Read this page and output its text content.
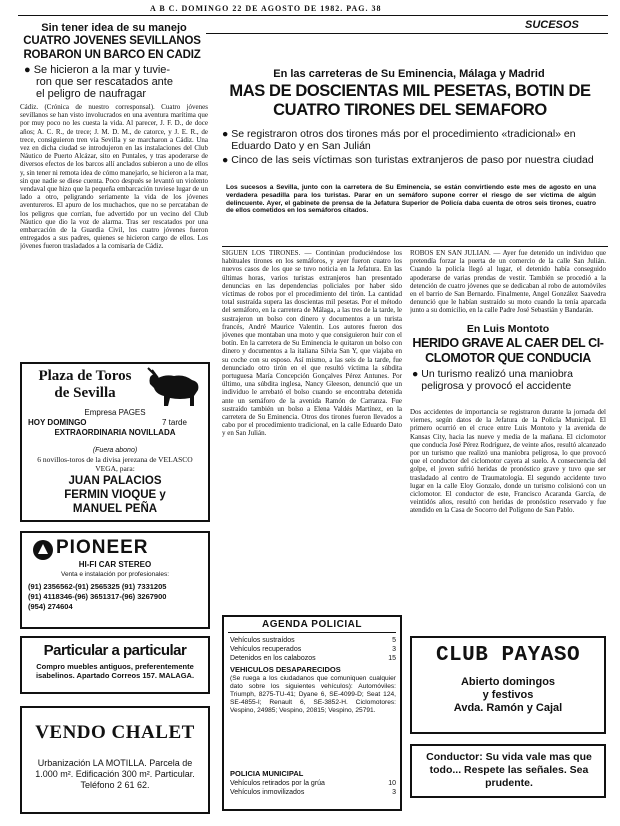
A B C. DOMINGO 22 DE AGOSTO DE 1982. PAG. 38
SUCESOS
Sin tener idea de su manejo
CUATRO JOVENES SEVILLANOS
ROBARON UN BARCO EN CADIZ
● Se hicieron a la mar y tuvie-
ron que ser rescatados ante
el peligro de naufragar
Cádiz. (Crónica de nuestro corresponsal). Cuatro jóvenes sevillanos se han visto involucrados en una aventura marítima que por muy poco no les cuesta la vida. Al parecer, J. F. D., de doce años; A. C. R., de trece; J. M. D. M., de catorce, y J. E. R., de trece, consiguieron tren vía Sevilla y se marcharon a Cádiz. Una vez en dicha ciudad se introdujeron en las instalaciones del Club Náutico de Puerto Alcázar, sito en Puntales, y tras apoderarse de diversos efectos de los barcos allí anclados subieron a uno de ellos y, sin tener ni remota idea de cómo manejarlo, se hicieron a la mar, sin que nadie se diese cuenta. Poco después se levantó un violento vendaval que hizo que la pequeña embarcación tuviese lugar de un lado a otro, peligrando seriamente la vida de los jóvenes aventureros. El apuro de los muchachos, que no se percataban de los peligros que corrían, fue advertido por un vecino del Club Náutico que dio la voz de alarma. Tras ser rescatados por una embarcación de la Guardia Civil, los cuatro jóvenes fueron entregados a sus padres, quienes se hicieron cargo de ellos. Los jóvenes fueron trasladados a la comisaría de Cádiz.
Plaza de Toros
de Sevilla
Empresa PAGES
HOY DOMINGO	7 tarde
EXTRAORDINARIA NOVILLADA
(Fuera abono)
6 novillos-toros de la divisa jerezana de VELASCO VEGA, para:
JUAN PALACIOS
FERMIN VIOQUE y
MANUEL PEÑA
PIONEER
HI-FI CAR STEREO
Venta e instalación por profesionales:
(91) 2356562-(91) 2565325 (91) 7331205
(91) 4118346-(96) 3651317-(96) 3267900
(954) 274604
Particular a particular
Compro muebles antiguos, preferentemente isabelinos. Apartado Correos 157. MALAGA.
VENDO CHALET
Urbanización LA MOTILLA. Parcela de 1.000 m². Edificación 300 m². Particular. Teléfono 2 61 62.
En las carreteras de Su Eminencia, Málaga y Madrid
MAS DE DOSCIENTAS MIL PESETAS, BOTIN DE
CUATRO TIRONES DEL SEMAFORO
● Se registraron otros dos tirones más por el procedimiento «tradicional» en Eduardo Dato y en San Julián
● Cinco de las seis víctimas son turistas extranjeros de paso por nuestra ciudad
Los sucesos a Sevilla, junto con la carretera de Su Eminencia, se están convirtiendo este mes de agosto en una verdadera pesadilla para los turistas. Parar en un semáforo supone correr el riesgo de ser víctima de algún delincuente. Ayer, el gabinete de prensa de la Jefatura Superior de Policía daba cuenta de otros seis tirones, cuatro de ellos cometidos en los semáforos citados.
SIGUEN LOS TIRONES. — Continúan produciéndose los habituales tirones en los semáforos, y ayer fueron cuatro los nuevos casos de los que se tuvo noticia en la Jefatura. En las últimas horas, varios turistas extranjeros han presentado denuncias en las dependencias policiales por haber sido víctimas de robos por el procedimiento del tirón. La cantidad total sustraída supera las doscientas mil pesetas. Por el método del semáforo, en la carretera de Málaga, a las tres de la tarde, le sustrajeron un bolso con dinero y documentos a un turista francés, André Maurice Valentin. Los autores fueron dos jóvenes que montaban una moto y que consiguieron huir con el botín. En la carretera de Su Eminencia le quitaron un bolso con dinero y documentos a la italiana Silvia San Y, que viajaba en su coche con su esposo. Así mismo, a las seis de la tarde, fue denunciado otro tirón en el que resultó víctima la súbdita portuguesa María Concepción Gonçalves Pérez Antunes. Por último, una súbdita inglesa, Nancy Gleeson, denunció que un individuo le arrebató el bolso cuando se encontraba detenida ante un semáforo de la avenida Ramón de Carranza. Fue sustraído también un bolso a Elena Valdés Martínez, en la carretera de Su Eminencia. Otros dos tirones fueron llevados a cabo por el procedimiento tradicional, en la calle Eduardo Dato y en San Julián.
ROBOS EN SAN JULIAN. — Ayer fue detenido un individuo que pretendía forzar la puerta de un comercio de la calle San Julián. Cuando la policía llegó al lugar, el detenido había conseguido apoderarse de varias prendas de vestir. También se procedió a la detención de cuatro jóvenes que se dedicaban al robo de automóviles en el barrio de San Bernardo. Finalmente, Angel González Saavedra denunció que le habían sustraído su moto cuando la tenía aparcada junto a su domicilio, en la calle Padre José Sebastián y Bandarán.
AGENDA POLICIAL
Vehículos sustraídos	5
Vehículos recuperados	3
Detenidos en los calabozos	15
VEHICULOS DESAPARECIDOS
(Se ruega a los ciudadanos que comuniquen cualquier dato sobre los siguientes vehículos): Automóviles: Triumph, 8275-TU-41; Dyane 6, SE-4099-D; Seat 124, SE-4855-I; Renault 6, SE-3852-H. Ciclomotores: Vespino, 24985; Vespino, 20815; Vespino, 25791.
POLICIA MUNICIPAL
Vehículos retirados por la grúa	10
Vehículos inmovilizados	3
En Luis Montoto
HERIDO GRAVE AL CAER DEL CI-
CLOMOTOR QUE CONDUCIA
● Un turismo realizó una maniobra peligrosa y provocó el accidente
Dos accidentes de importancia se registraron durante la jornada del viernes, según datos de la Jefatura de la Policía Municipal. El primero ocurrió en el cruce entre Luis Montoto y la avenida de Kansas City, hacia las nueve y media de la mañana. El ciclomotor que conducía José Pérez Rodríguez, de veinte años, resultó alcanzado por un turismo que realizó una maniobra peligrosa, lo que provocó que el conductor del ciclomotor cayera al suelo. A consecuencia del golpe, el joven sufrió heridas de pronóstico grave y tuvo que ser trasladado al centro de Traumatología. El segundo accidente tuvo lugar en la calle Eloy Gonzalo, donde un turismo colisionó con un ciclomotor. El conductor de este, Francisco Acaranda García, de veintidós años, resultó con heridas de pronóstico reservado y fue atendido en la Casa de Socorro del Polígono de San Pablo.
CLUB PAYASO
Abierto domingos
y festivos
Avda. Ramón y Cajal
Conductor: Su vida vale mas que todo... Respete las señales. Sea prudente.
